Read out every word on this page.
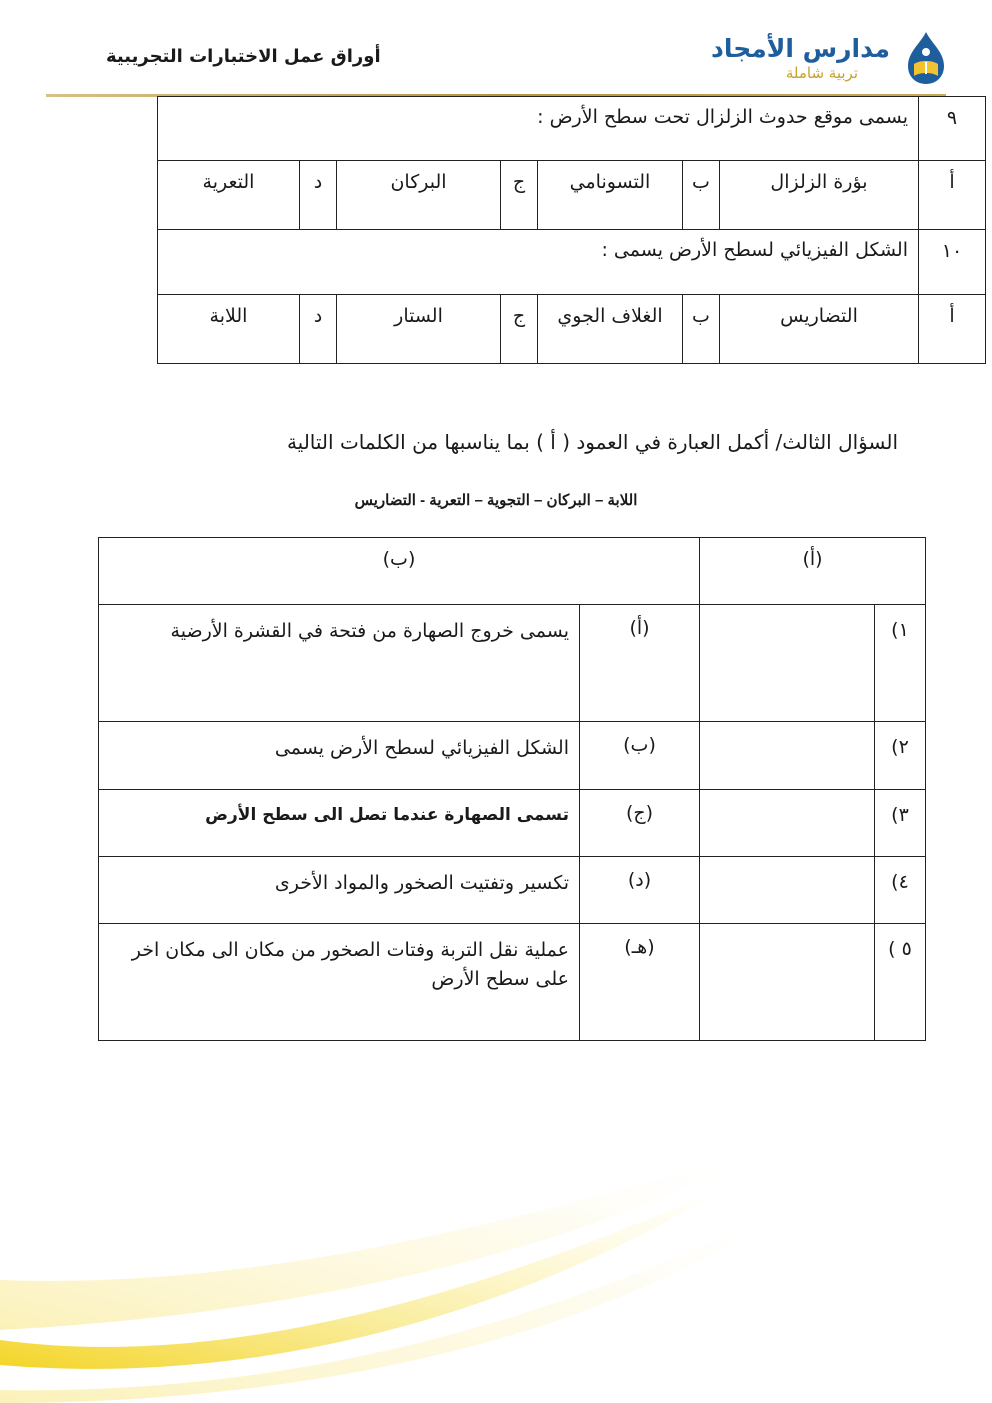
أوراق عمل الاختبارات التجريبية	مدارس الأمجاد
تربية شاملة
٩	يسمى موقع حدوث الزلزال تحت سطح الأرض :						
أ	بؤرة الزلزال	ب	التسونامي	ج	البركان	د	التعرية
١٠	الشكل الفيزيائي لسطح الأرض يسمى :						
أ	التضاريس	ب	الغلاف الجوي	ج	الستار	د	اللابة
السؤال الثالث/ أكمل العبارة في العمود ( أ ) بما يناسبها من الكلمات التالية
اللابة – البركان – التجوية – التعرية - التضاريس
(أ)		(ب)	
١)		(أ)	يسمى خروج الصهارة من فتحة في القشرة الأرضية
٢)		(ب)	الشكل الفيزيائي لسطح الأرض يسمى
٣)		(ج)	تسمى الصهارة عندما تصل الى سطح الأرض
٤)		(د)	تكسير وتفتيت الصخور والمواد الأخرى
٥ )		(هـ)	عملية نقل التربة وفتات الصخور من مكان الى مكان اخر على سطح الأرض
